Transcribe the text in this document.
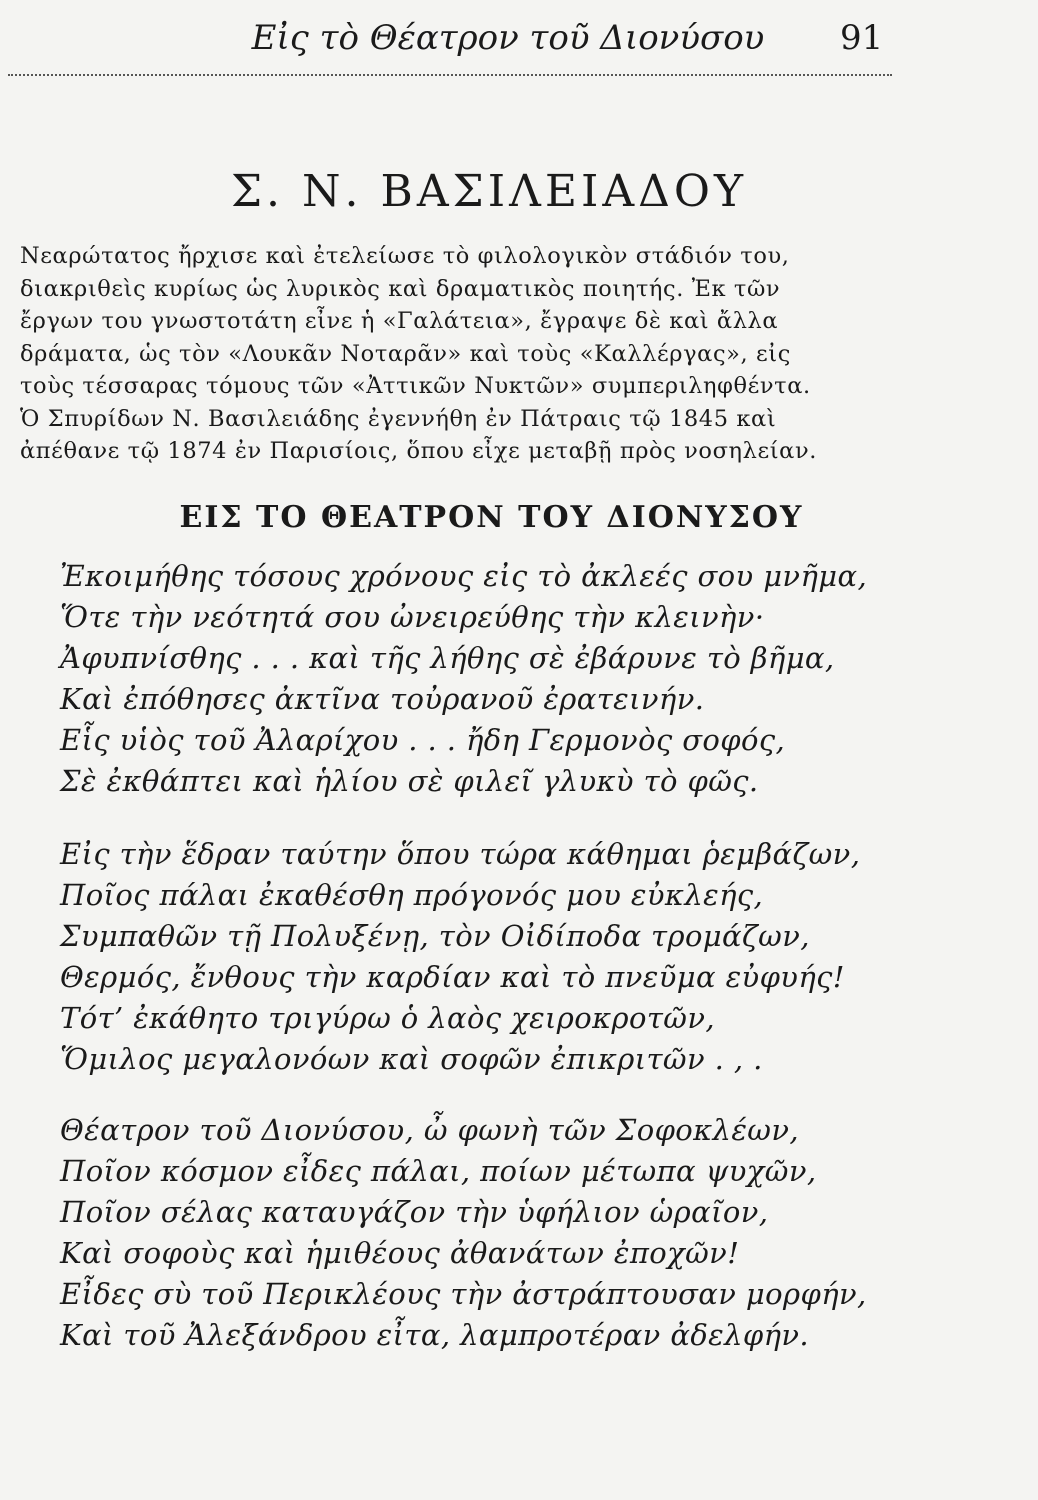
Εἰς τὸ Θέατρον τοῦ Διονύσου	91
Σ. Ν. ΒΑΣΙΛΕΙΑΔΟΥ
Νεαρώτατος ἤρχισε καὶ ἐτελείωσε τὸ φιλολογικὸν στάδιόν του,
διακριθεὶς κυρίως ὡς λυρικὸς καὶ δραματικὸς ποιητής. Ἐκ τῶν
ἔργων του γνωστοτάτη εἶνε ἡ «Γαλάτεια», ἔγραψε δὲ καὶ ἄλλα
δράματα, ὡς τὸν «Λουκᾶν Νοταρᾶν» καὶ τοὺς «Καλλέργας», εἰς
τοὺς τέσσαρας τόμους τῶν «Ἀττικῶν Νυκτῶν» συμπεριληφθέντα.
Ὁ Σπυρίδων Ν. Βασιλειάδης ἐγεννήθη ἐν Πάτραις τῷ 1845 καὶ
ἀπέθανε τῷ 1874 ἐν Παρισίοις, ὅπου εἶχε μεταβῇ πρὸς νοσηλείαν.
ΕΙΣ ΤΟ ΘΕΑΤΡΟΝ ΤΟΥ ΔΙΟΝΥΣΟΥ
Ἐκοιμήθης τόσους χρόνους εἰς τὸ ἀκλεές σου μνῆμα,
Ὅτε τὴν νεότητά σου ὠνειρεύθης τὴν κλεινὴν·
Ἀφυπνίσθης . . . καὶ τῆς λήθης σὲ ἐβάρυνε τὸ βῆμα,
Καὶ ἐπόθησες ἀκτῖνα τοὐρανοῦ ἐρατεινήν.
Εἷς υἱὸς τοῦ Ἀλαρίχου . . . ἤδη Γερμονὸς σοφός,
Σὲ ἐκθάπτει καὶ ἡλίου σὲ φιλεῖ γλυκὺ τὸ φῶς.
Εἰς τὴν ἕδραν ταύτην ὅπου τώρα κάθημαι ῥεμβάζων,
Ποῖος πάλαι ἐκαθέσθη πρόγονός μου εὐκλεής,
Συμπαθῶν τῇ Πολυξένῃ, τὸν Οἰδίποδα τρομάζων,
Θερμός, ἔνθους τὴν καρδίαν καὶ τὸ πνεῦμα εὐφυής!
Τότ’ ἐκάθητο τριγύρω ὁ λαὸς χειροκροτῶν,
Ὅμιλος μεγαλονόων καὶ σοφῶν ἐπικριτῶν . , .
Θέατρον τοῦ Διονύσου, ὦ φωνὴ τῶν Σοφοκλέων,
Ποῖον κόσμον εἶδες πάλαι, ποίων μέτωπα ψυχῶν,
Ποῖον σέλας καταυγάζον τὴν ὑφήλιον ὡραῖον,
Καὶ σοφοὺς καὶ ἡμιθέους ἀθανάτων ἐποχῶν!
Εἶδες σὺ τοῦ Περικλέους τὴν ἀστράπτουσαν μορφήν,
Καὶ τοῦ Ἀλεξάνδρου εἶτα, λαμπροτέραν ἀδελφήν.
